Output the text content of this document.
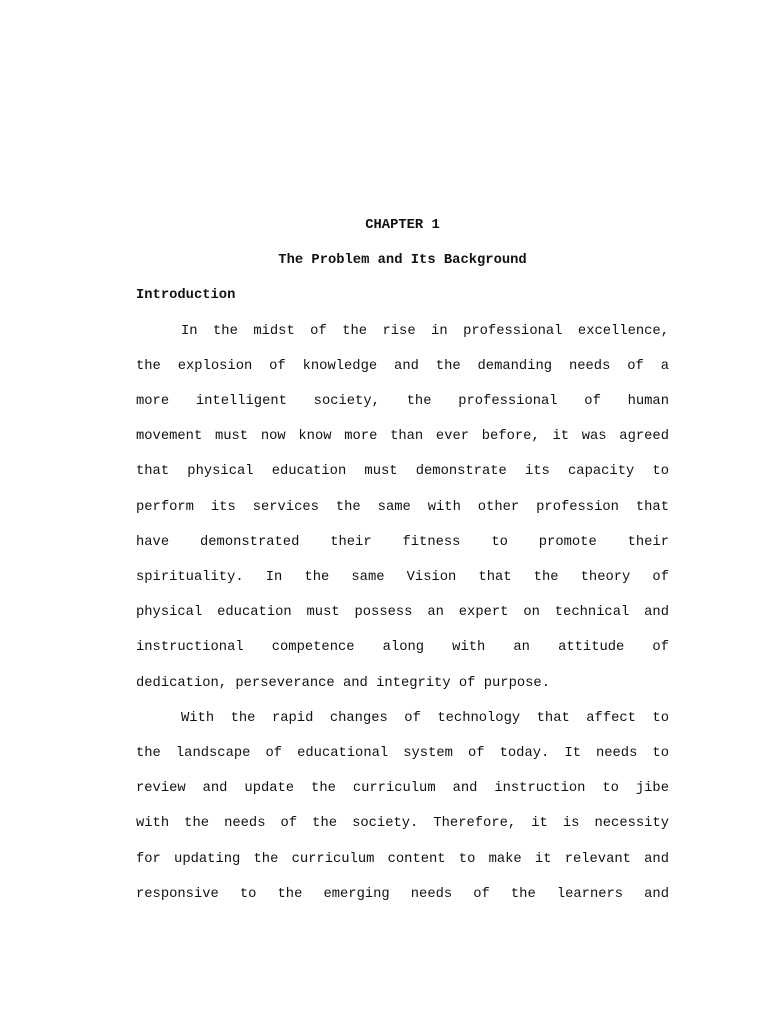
CHAPTER 1

The Problem and Its Background

Introduction

In the midst of the rise in professional excellence,
the explosion of knowledge and the demanding needs of a
more intelligent society, the professional of human
movement must now know more than ever before, it was agreed
that physical education must demonstrate its capacity to
perform its services the same with other profession that
have demonstrated their fitness to promote their
spirituality. In the same Vision that the theory of
physical education must possess an expert on technical and
instructional competence along with an attitude of
dedication, perseverance and integrity of purpose.
With the rapid changes of technology that affect to
the landscape of educational system of today. It needs to
review and update the curriculum and instruction to jibe
with the needs of the society. Therefore, it is necessity
for updating the curriculum content to make it relevant and
responsive to the emerging needs of the learners and
